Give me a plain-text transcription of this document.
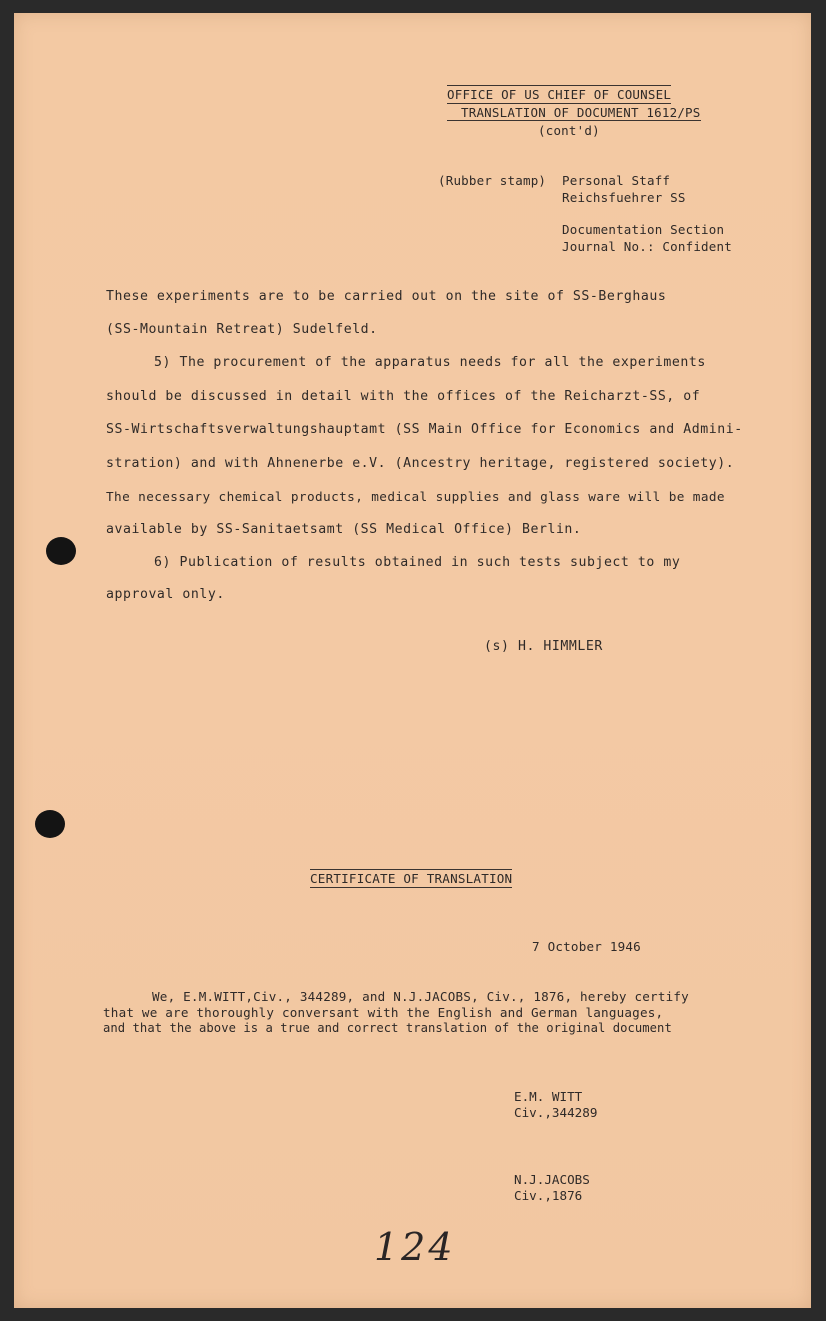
OFFICE OF US CHIEF OF COUNSEL
TRANSLATION OF DOCUMENT 1612/PS
(cont'd)
(Rubber stamp) Personal Staff
Reichsfuehrer SS
Documentation Section
Journal No.: Confident
These experiments are to be carried out on the site of SS-Berghaus
(SS-Mountain Retreat) Sudelfeld.
5) The procurement of the apparatus needs for all the experiments
should be discussed in detail with the offices of the Reicharzt-SS, of
SS-Wirtschaftsverwaltungshauptamt (SS Main Office for Economics and Admini-
stration) and with Ahnenerbe e.V. (Ancestry heritage, registered society).
The necessary chemical products, medical supplies and glass ware will be made
available by SS-Sanitaetsamt (SS Medical Office) Berlin.
6) Publication of results obtained in such tests subject to my
approval only.
(s) H. HIMMLER
CERTIFICATE OF TRANSLATION
7 October 1946
We, E.M.WITT,Civ., 344289, and N.J.JACOBS, Civ., 1876, hereby certify
that we are thoroughly conversant with the English and German languages,
and that the above is a true and correct translation of the original document
E.M. WITT
Civ.,344289
N.J.JACOBS
Civ.,1876
124
